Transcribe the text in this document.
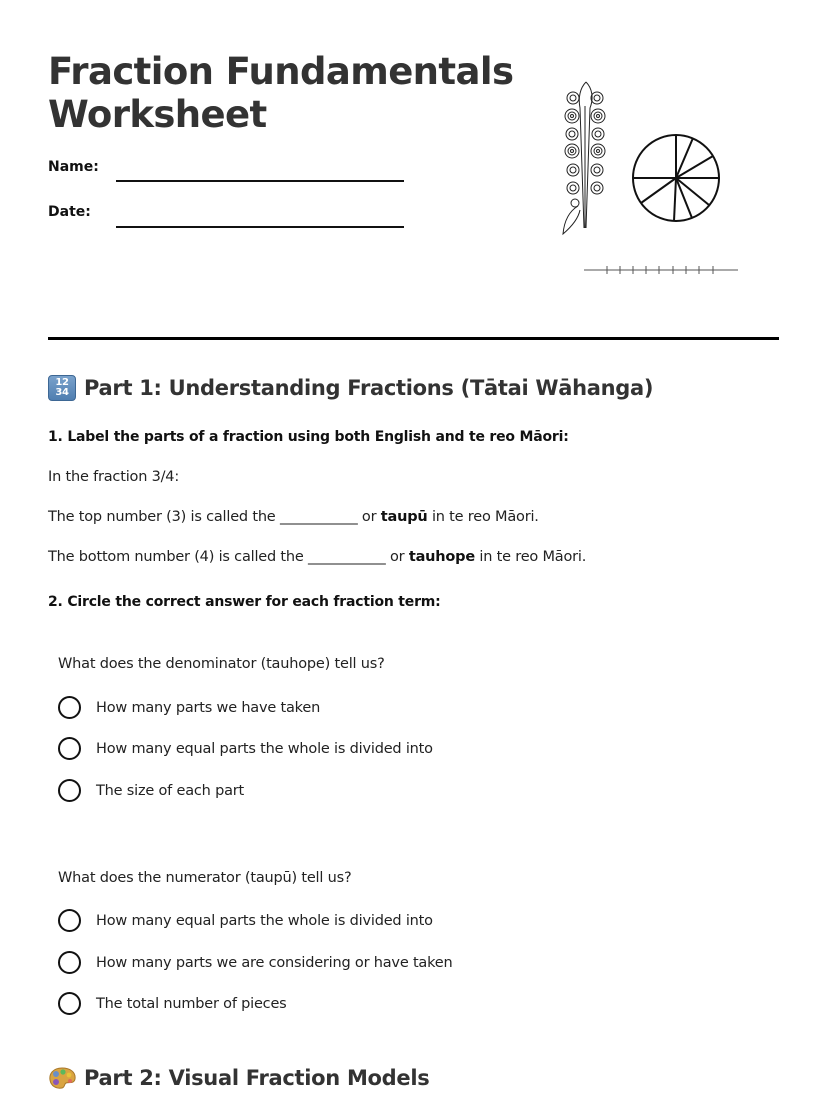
Fraction Fundamentals
Worksheet
Name:
Date:
12
34 Part 1: Understanding Fractions (Tātai Wāhanga)
1. Label the parts of a fraction using both English and te reo Māori:
In the fraction 3/4:
The top number (3) is called the ___________ or taupū in te reo Māori.
The bottom number (4) is called the ___________ or tauhope in te reo Māori.
2. Circle the correct answer for each fraction term:
What does the denominator (tauhope) tell us?
How many parts we have taken
How many equal parts the whole is divided into
The size of each part
What does the numerator (taupū) tell us?
How many equal parts the whole is divided into
How many parts we are considering or have taken
The total number of pieces
Part 2: Visual Fraction Models
